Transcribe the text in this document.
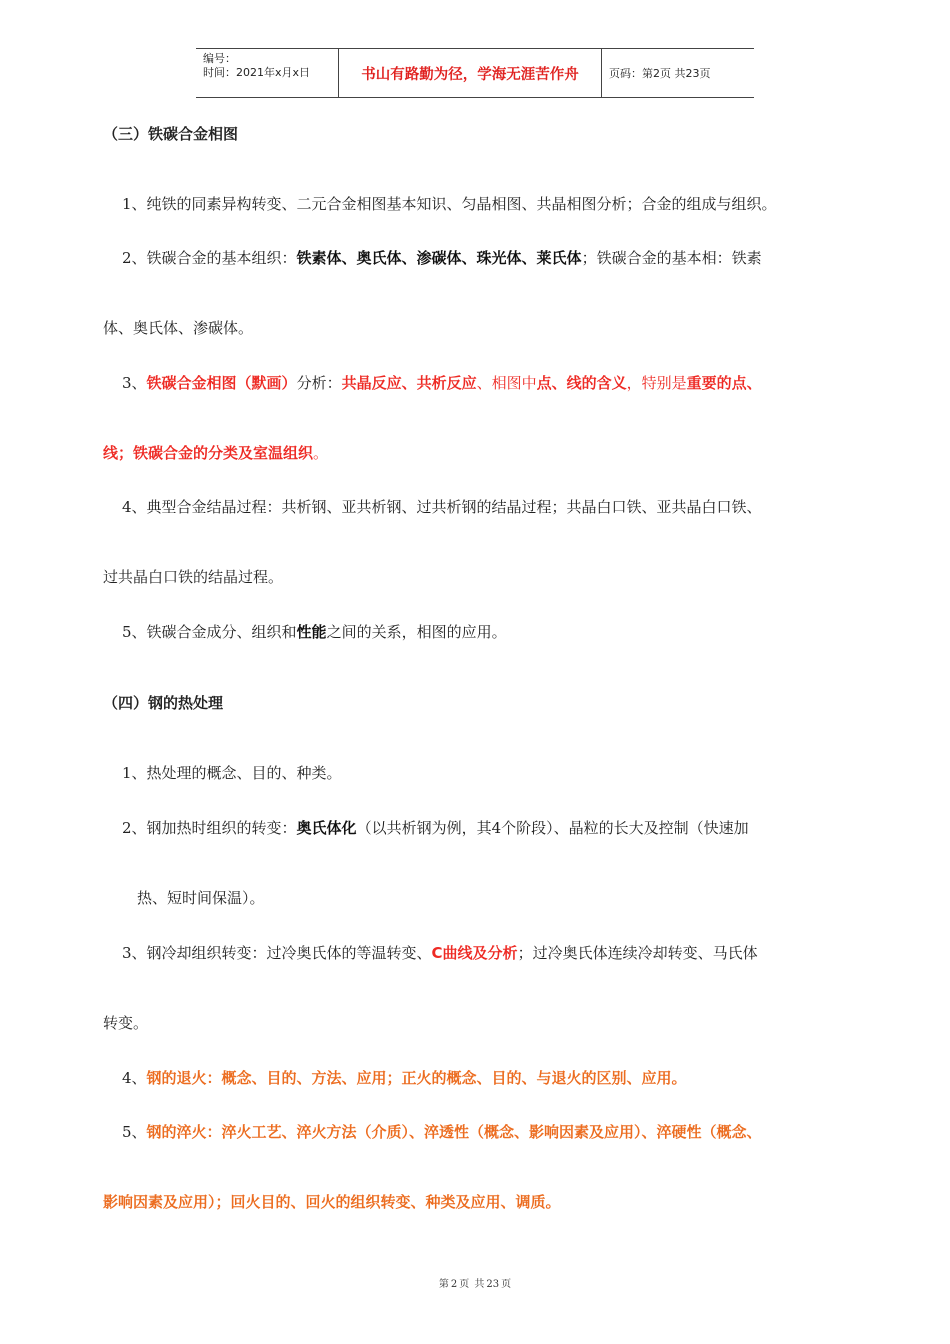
编号：
时间：2021年x月x日	书山有路勤为径，学海无涯苦作舟	页码：第2页 共23页
（三）铁碳合金相图
1、纯铁的同素异构转变、二元合金相图基本知识、匀晶相图、共晶相图分析；合金的组成与组织。
2、铁碳合金的基本组织：铁素体、奥氏体、渗碳体、珠光体、莱氏体；铁碳合金的基本相：铁素
体、奥氏体、渗碳体。
3、铁碳合金相图（默画）分析：共晶反应、共析反应、相图中点、线的含义，特别是重要的点、
线；铁碳合金的分类及室温组织。
4、典型合金结晶过程：共析钢、亚共析钢、过共析钢的结晶过程；共晶白口铁、亚共晶白口铁、
过共晶白口铁的结晶过程。
5、铁碳合金成分、组织和性能之间的关系，相图的应用。
（四）钢的热处理
1、热处理的概念、目的、种类。
2、钢加热时组织的转变：奥氏体化（以共析钢为例，其4个阶段）、晶粒的长大及控制（快速加
热、短时间保温）。
3、钢冷却组织转变：过冷奥氏体的等温转变、C曲线及分析；过冷奥氏体连续冷却转变、马氏体
转变。
4、钢的退火：概念、目的、方法、应用；正火的概念、目的、与退火的区别、应用。
5、钢的淬火：淬火工艺、淬火方法（介质）、淬透性（概念、影响因素及应用）、淬硬性（概念、
影响因素及应用）；回火目的、回火的组织转变、种类及应用、调质。
第 2 页 共 23 页
